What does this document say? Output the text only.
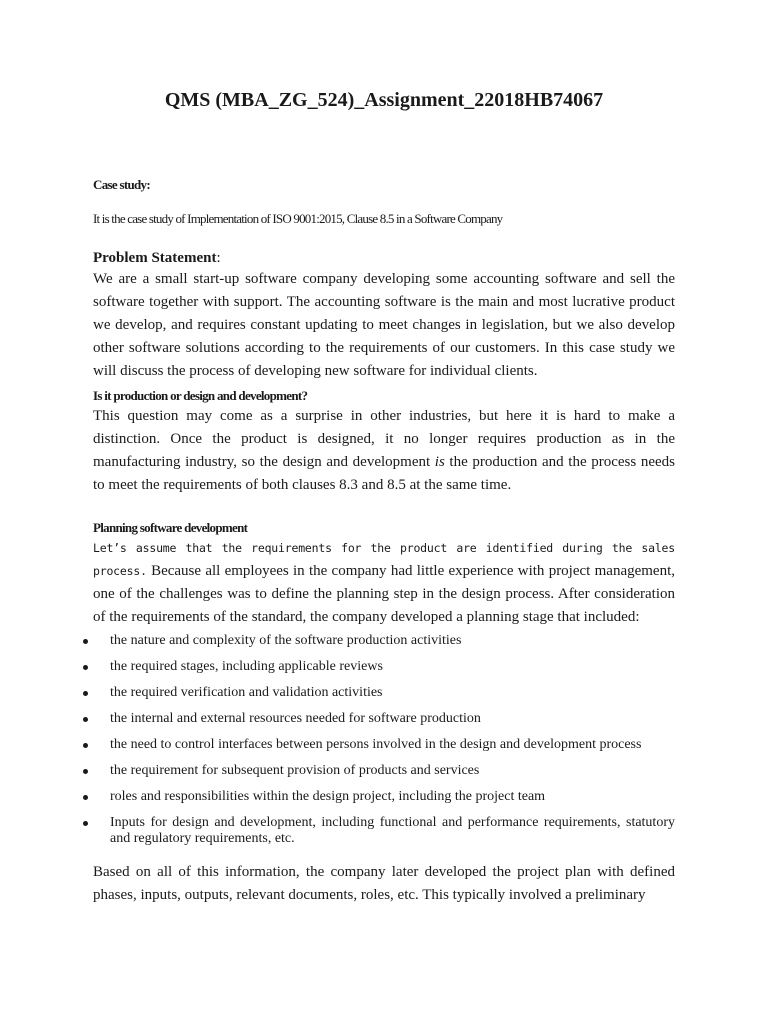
QMS (MBA_ZG_524)_Assignment_22018HB74067

Case study:

It is the case study of Implementation of ISO 9001:2015, Clause 8.5 in a Software Company

Problem Statement:

We are a small start-up software company developing some accounting software and sell the software together with support. The accounting software is the main and most lucrative product we develop, and requires constant updating to meet changes in legislation, but we also develop other software solutions according to the requirements of our customers. In this case study we will discuss the process of developing new software for individual clients.

Is it production or design and development?

This question may come as a surprise in other industries, but here it is hard to make a distinction. Once the product is designed, it no longer requires production as in the manufacturing industry, so the design and development is the production and the process needs to meet the requirements of both clauses 8.3 and 8.5 at the same time.

Planning software development

Let’s assume that the requirements for the product are identified during the sales process. Because all employees in the company had little experience with project management, one of the challenges was to define the planning step in the design process. After consideration of the requirements of the standard, the company developed a planning stage that included:

the nature and complexity of the software production activities
the required stages, including applicable reviews
the required verification and validation activities
the internal and external resources needed for software production
the need to control interfaces between persons involved in the design and development process
the requirement for subsequent provision of products and services
roles and responsibilities within the design project, including the project team
Inputs for design and development, including functional and performance requirements, statutory and regulatory requirements, etc.

Based on all of this information, the company later developed the project plan with defined phases, inputs, outputs, relevant documents, roles, etc. This typically involved a preliminary
